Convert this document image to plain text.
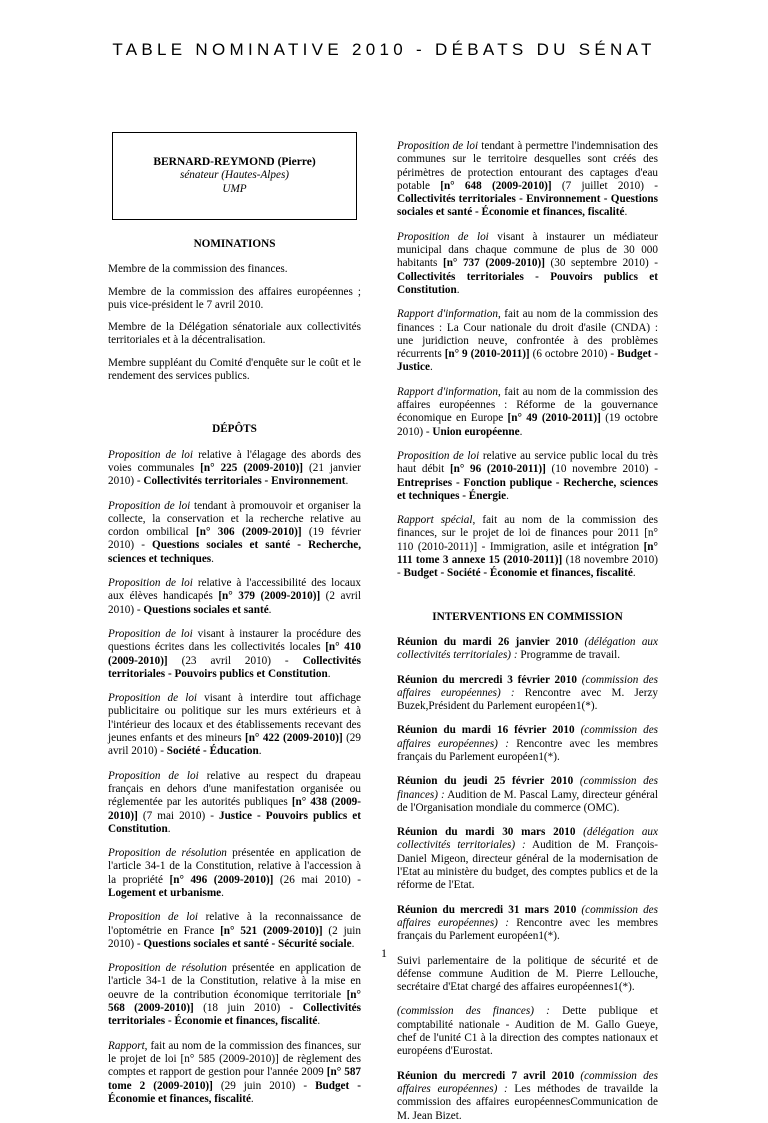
TABLE NOMINATIVE 2010 - DÉBATS DU SÉNAT
BERNARD-REYMOND (Pierre)
sénateur (Hautes-Alpes)
UMP
NOMINATIONS

Membre de la commission des finances.

Membre de la commission des affaires européennes ; puis vice-président le 7 avril 2010.

Membre de la Délégation sénatoriale aux collectivités territoriales et à la décentralisation.

Membre suppléant du Comité d'enquête sur le coût et le rendement des services publics.

DÉPÔTS

Proposition de loi relative à l'élagage des abords des voies communales [n° 225 (2009-2010)] (21 janvier 2010) - Collectivités territoriales - Environnement.

Proposition de loi tendant à promouvoir et organiser la collecte, la conservation et la recherche relative au cordon ombilical [n° 306 (2009-2010)] (19 février 2010) - Questions sociales et santé - Recherche, sciences et techniques.

Proposition de loi relative à l'accessibilité des locaux aux élèves handicapés [n° 379 (2009-2010)] (2 avril 2010) - Questions sociales et santé.

Proposition de loi visant à instaurer la procédure des questions écrites dans les collectivités locales [n° 410 (2009-2010)] (23 avril 2010) - Collectivités territoriales - Pouvoirs publics et Constitution.

Proposition de loi visant à interdire tout affichage publicitaire ou politique sur les murs extérieurs et à l'intérieur des locaux et des établissements recevant des jeunes enfants et des mineurs [n° 422 (2009-2010)] (29 avril 2010) - Société - Éducation.

Proposition de loi relative au respect du drapeau français en dehors d'une manifestation organisée ou réglementée par les autorités publiques [n° 438 (2009-2010)] (7 mai 2010) - Justice - Pouvoirs publics et Constitution.

Proposition de résolution présentée en application de l'article 34-1 de la Constitution, relative à l'accession à la propriété [n° 496 (2009-2010)] (26 mai 2010) - Logement et urbanisme.

Proposition de loi relative à la reconnaissance de l'optométrie en France [n° 521 (2009-2010)] (2 juin 2010) - Questions sociales et santé - Sécurité sociale.

Proposition de résolution présentée en application de l'article 34-1 de la Constitution, relative à la mise en oeuvre de la contribution économique territoriale [n° 568 (2009-2010)] (18 juin 2010) - Collectivités territoriales - Économie et finances, fiscalité.

Rapport, fait au nom de la commission des finances, sur le projet de loi [n° 585 (2009-2010)] de règlement des comptes et rapport de gestion pour l'année 2009 [n° 587 tome 2 (2009-2010)] (29 juin 2010) - Budget - Économie et finances, fiscalité.

Proposition de loi tendant à permettre l'indemnisation des communes sur le territoire desquelles sont créés des périmètres de protection entourant des captages d'eau potable [n° 648 (2009-2010)] (7 juillet 2010) - Collectivités territoriales - Environnement - Questions sociales et santé - Économie et finances, fiscalité.

Proposition de loi visant à instaurer un médiateur municipal dans chaque commune de plus de 30 000 habitants [n° 737 (2009-2010)] (30 septembre 2010) - Collectivités territoriales - Pouvoirs publics et Constitution.

Rapport d'information, fait au nom de la commission des finances : La Cour nationale du droit d'asile (CNDA) : une juridiction neuve, confrontée à des problèmes récurrents [n° 9 (2010-2011)] (6 octobre 2010) - Budget - Justice.

Rapport d'information, fait au nom de la commission des affaires européennes : Réforme de la gouvernance économique en Europe [n° 49 (2010-2011)] (19 octobre 2010) - Union européenne.

Proposition de loi relative au service public local du très haut débit [n° 96 (2010-2011)] (10 novembre 2010) - Entreprises - Fonction publique - Recherche, sciences et techniques - Énergie.

Rapport spécial, fait au nom de la commission des finances, sur le projet de loi de finances pour 2011 [n° 110 (2010-2011)] - Immigration, asile et intégration [n° 111 tome 3 annexe 15 (2010-2011)] (18 novembre 2010) - Budget - Société - Économie et finances, fiscalité.

INTERVENTIONS EN COMMISSION

Réunion du mardi 26 janvier 2010 (délégation aux collectivités territoriales) : Programme de travail.

Réunion du mercredi 3 février 2010 (commission des affaires européennes) : Rencontre avec M. Jerzy Buzek,Président du Parlement européen1(*).

Réunion du mardi 16 février 2010 (commission des affaires européennes) : Rencontre avec les membres français du Parlement européen1(*).

Réunion du jeudi 25 février 2010 (commission des finances) : Audition de M. Pascal Lamy, directeur général de l'Organisation mondiale du commerce (OMC).

Réunion du mardi 30 mars 2010 (délégation aux collectivités territoriales) : Audition de M. François-Daniel Migeon, directeur général de la modernisation de l'Etat au ministère du budget, des comptes publics et de la réforme de l'Etat.

Réunion du mercredi 31 mars 2010 (commission des affaires européennes) : Rencontre avec les membres français du Parlement européen1(*).

Suivi parlementaire de la politique de sécurité et de défense commune Audition de M. Pierre Lellouche, secrétaire d'Etat chargé des affaires européennes1(*).

(commission des finances) : Dette publique et comptabilité nationale - Audition de M. Gallo Gueye, chef de l'unité C1 à la direction des comptes nationaux et européens d'Eurostat.

Réunion du mercredi 7 avril 2010 (commission des affaires européennes) : Les méthodes de travailde la commission des affaires européennesCommunication de M. Jean Bizet.

1
